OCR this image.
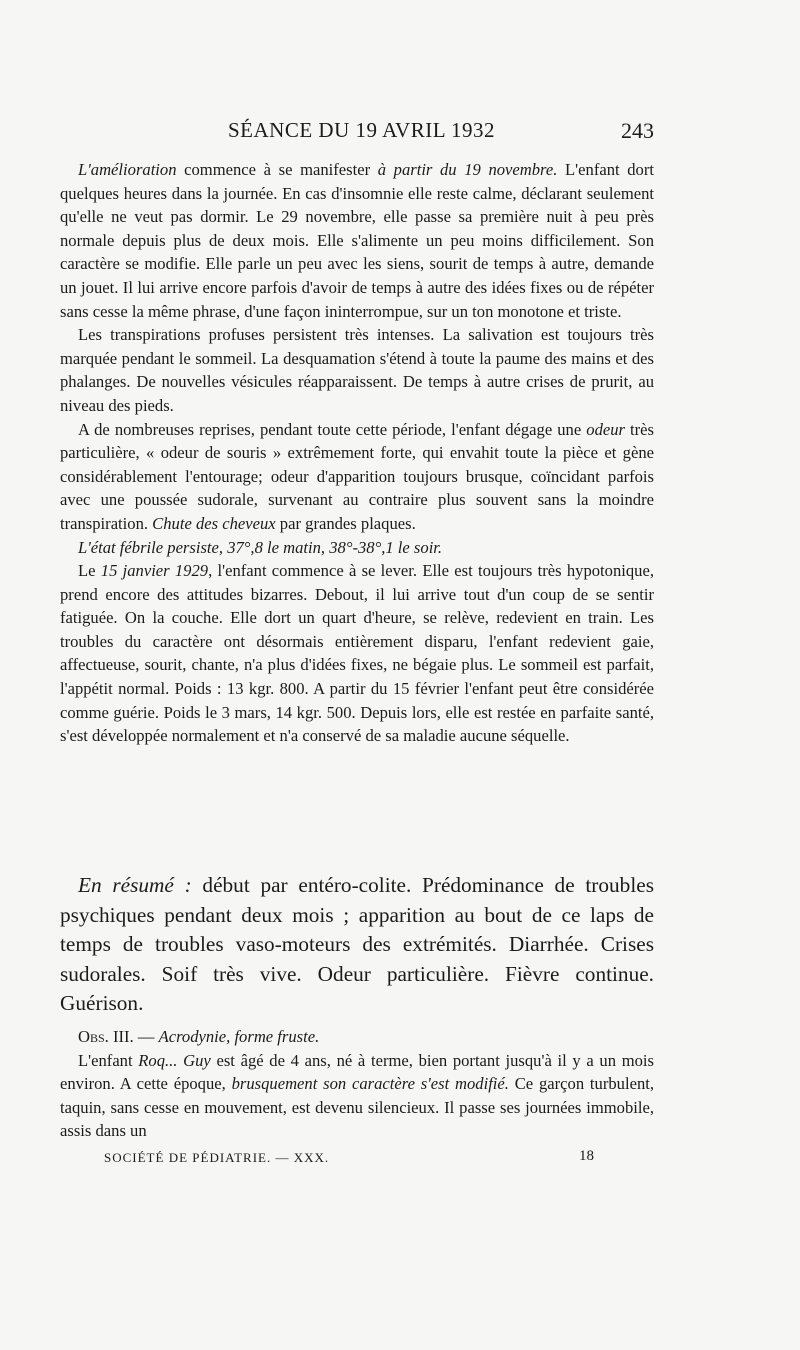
SÉANCE DU 19 AVRIL 1932	243

L'amélioration commence à se manifester à partir du 19 novembre. L'enfant dort quelques heures dans la journée. En cas d'insomnie elle reste calme, déclarant seulement qu'elle ne veut pas dormir. Le 29 novembre, elle passe sa première nuit à peu près normale depuis plus de deux mois. Elle s'alimente un peu moins difficilement. Son caractère se modifie. Elle parle un peu avec les siens, sourit de temps à autre, demande un jouet. Il lui arrive encore parfois d'avoir de temps à autre des idées fixes ou de répéter sans cesse la même phrase, d'une façon ininterrompue, sur un ton monotone et triste.

Les transpirations profuses persistent très intenses. La salivation est toujours très marquée pendant le sommeil. La desquamation s'étend à toute la paume des mains et des phalanges. De nouvelles vésicules réapparaissent. De temps à autre crises de prurit, au niveau des pieds.

A de nombreuses reprises, pendant toute cette période, l'enfant dégage une odeur très particulière, « odeur de souris » extrêmement forte, qui envahit toute la pièce et gène considérablement l'entourage; odeur d'apparition toujours brusque, coïncidant parfois avec une poussée sudorale, survenant au contraire plus souvent sans la moindre transpiration. Chute des cheveux par grandes plaques.

L'état fébrile persiste, 37°,8 le matin, 38°-38°,1 le soir.

Le 15 janvier 1929, l'enfant commence à se lever. Elle est toujours très hypotonique, prend encore des attitudes bizarres. Debout, il lui arrive tout d'un coup de se sentir fatiguée. On la couche. Elle dort un quart d'heure, se relève, redevient en train. Les troubles du caractère ont désormais entièrement disparu, l'enfant redevient gaie, affectueuse, sourit, chante, n'a plus d'idées fixes, ne bégaie plus. Le sommeil est parfait, l'appétit normal. Poids : 13 kgr. 800. A partir du 15 février l'enfant peut être considérée comme guérie. Poids le 3 mars, 14 kgr. 500. Depuis lors, elle est restée en parfaite santé, s'est développée normalement et n'a conservé de sa maladie aucune séquelle.

En résumé : début par entéro-colite. Prédominance de troubles psychiques pendant deux mois ; apparition au bout de ce laps de temps de troubles vaso-moteurs des extrémités. Diarrhée. Crises sudorales. Soif très vive. Odeur particulière. Fièvre continue. Guérison.

Obs. III. — Acrodynie, forme fruste.

L'enfant Roq... Guy est âgé de 4 ans, né à terme, bien portant jusqu'à il y a un mois environ. A cette époque, brusquement son caractère s'est modifié. Ce garçon turbulent, taquin, sans cesse en mouvement, est devenu silencieux. Il passe ses journées immobile, assis dans un

SOCIÉTÉ DE PÉDIATRIE. — XXX.	18
